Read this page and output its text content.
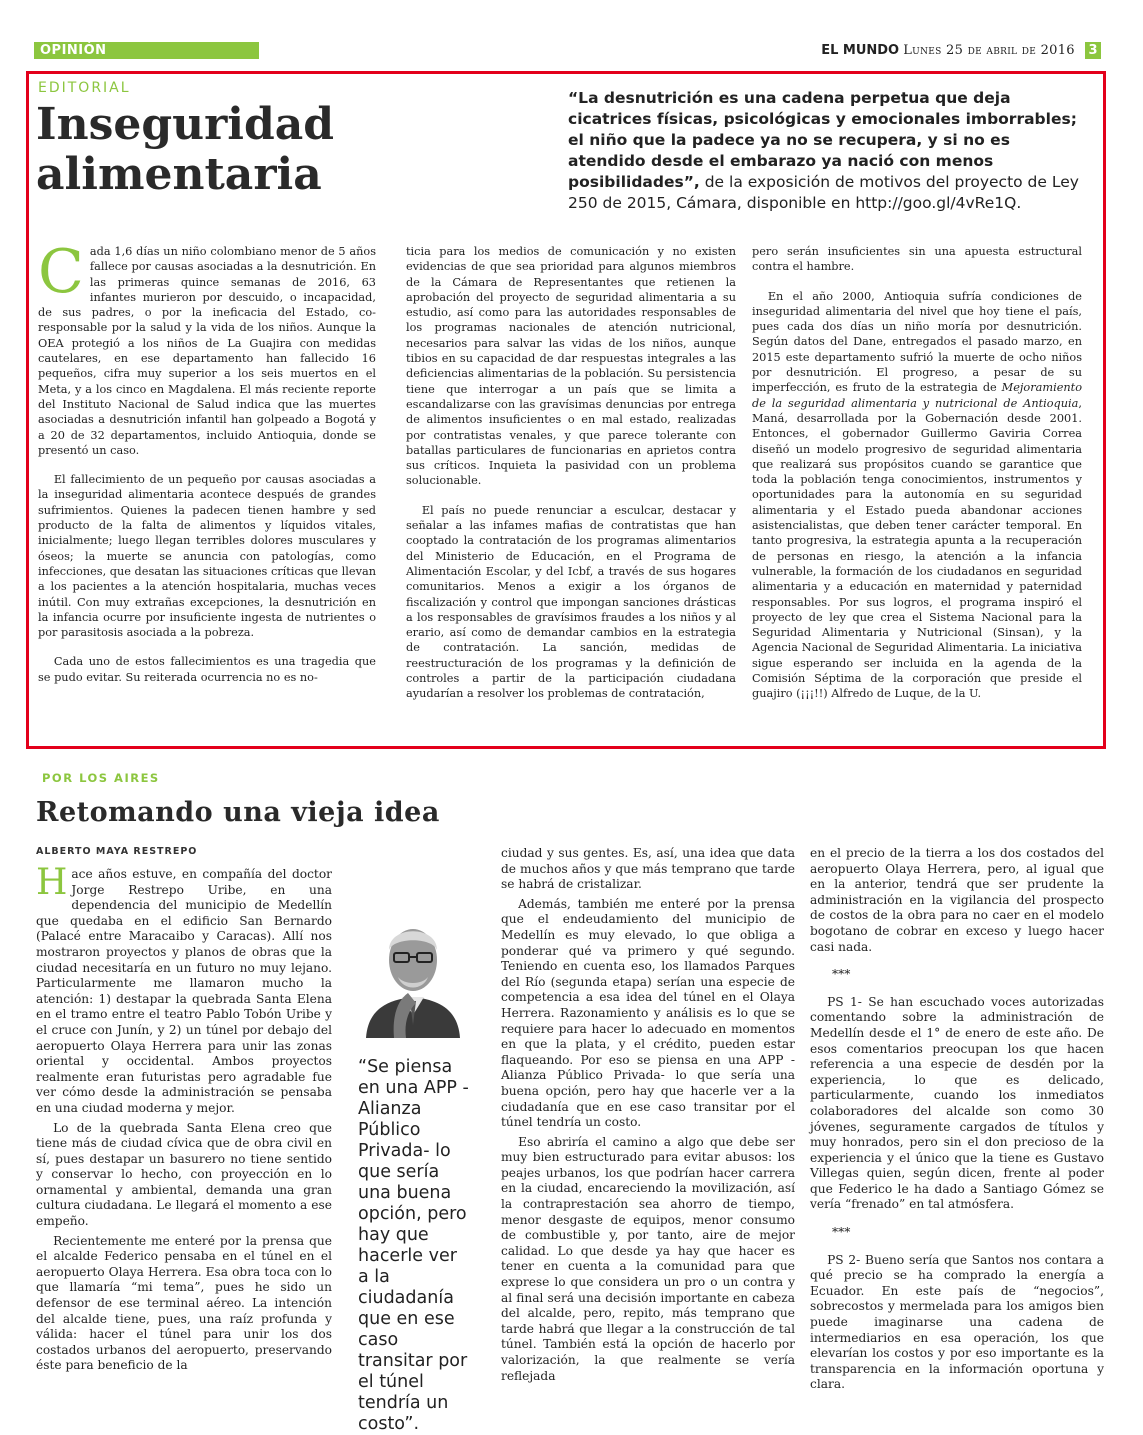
OPINIÓN	EL MUNDO Lunes 25 de abril de 2016 3
EDITORIAL
Inseguridad
alimentaria

“La desnutrición es una cadena perpetua que deja cicatrices físicas, psicológicas y emocionales imborrables; el niño que la padece ya no se recupera, y si no es atendido desde el embarazo ya nació con menos posibilidades”, de la exposición de motivos del proyecto de Ley 250 de 2015, Cámara, disponible en http://goo.gl/4vRe1Q.

Cada 1,6 días un niño colombiano menor de 5 años fallece por causas asociadas a la desnutrición. En las primeras quince semanas de 2016, 63 infantes murieron por descuido, o incapacidad, de sus padres, o por la ineficacia del Estado, co-responsable por la salud y la vida de los niños. Aunque la OEA protegió a los niños de La Guajira con medidas cautelares, en ese departamento han fallecido 16 pequeños, cifra muy superior a los seis muertos en el Meta, y a los cinco en Magdalena. El más reciente reporte del Instituto Nacional de Salud indica que las muertes asociadas a desnutrición infantil han golpeado a Bogotá y a 20 de 32 departamentos, incluido Antioquia, donde se presentó un caso.

El fallecimiento de un pequeño por causas asociadas a la inseguridad alimentaria acontece después de grandes sufrimientos. Quienes la padecen tienen hambre y sed producto de la falta de alimentos y líquidos vitales, inicialmente; luego llegan terribles dolores musculares y óseos; la muerte se anuncia con patologías, como infecciones, que desatan las situaciones críticas que llevan a los pacientes a la atención hospitalaria, muchas veces inútil. Con muy extrañas excepciones, la desnutrición en la infancia ocurre por insuficiente ingesta de nutrientes o por parasitosis asociada a la pobreza.

Cada uno de estos fallecimientos es una tragedia que se pudo evitar. Su reiterada ocurrencia no es no-

ticia para los medios de comunicación y no existen evidencias de que sea prioridad para algunos miembros de la Cámara de Representantes que retienen la aprobación del proyecto de seguridad alimentaria a su estudio, así como para las autoridades responsables de los programas nacionales de atención nutricional, necesarios para salvar las vidas de los niños, aunque tibios en su capacidad de dar respuestas integrales a las deficiencias alimentarias de la población. Su persistencia tiene que interrogar a un país que se limita a escandalizarse con las gravísimas denuncias por entrega de alimentos insuficientes o en mal estado, realizadas por contratistas venales, y que parece tolerante con batallas particulares de funcionarias en aprietos contra sus críticos. Inquieta la pasividad con un problema solucionable.

El país no puede renunciar a esculcar, destacar y señalar a las infames mafias de contratistas que han cooptado la contratación de los programas alimentarios del Ministerio de Educación, en el Programa de Alimentación Escolar, y del Icbf, a través de sus hogares comunitarios. Menos a exigir a los órganos de fiscalización y control que impongan sanciones drásticas a los responsables de gravísimos fraudes a los niños y al erario, así como de demandar cambios en la estrategia de contratación. La sanción, medidas de reestructuración de los programas y la definición de controles a partir de la participación ciudadana ayudarían a resolver los problemas de contratación,

pero serán insuficientes sin una apuesta estructural contra el hambre.

En el año 2000, Antioquia sufría condiciones de inseguridad alimentaria del nivel que hoy tiene el país, pues cada dos días un niño moría por desnutrición. Según datos del Dane, entregados el pasado marzo, en 2015 este departamento sufrió la muerte de ocho niños por desnutrición. El progreso, a pesar de su imperfección, es fruto de la estrategia de Mejoramiento de la seguridad alimentaria y nutricional de Antioquia, Maná, desarrollada por la Gobernación desde 2001. Entonces, el gobernador Guillermo Gaviria Correa diseñó un modelo progresivo de seguridad alimentaria que realizará sus propósitos cuando se garantice que toda la población tenga conocimientos, instrumentos y oportunidades para la autonomía en su seguridad alimentaria y el Estado pueda abandonar acciones asistencialistas, que deben tener carácter temporal. En tanto progresiva, la estrategia apunta a la recuperación de personas en riesgo, la atención a la infancia vulnerable, la formación de los ciudadanos en seguridad alimentaria y a educación en maternidad y paternidad responsables. Por sus logros, el programa inspiró el proyecto de ley que crea el Sistema Nacional para la Seguridad Alimentaria y Nutricional (Sinsan), y la Agencia Nacional de Seguridad Alimentaria. La iniciativa sigue esperando ser incluida en la agenda de la Comisión Séptima de la corporación que preside el guajiro (¡¡¡!!) Alfredo de Luque, de la U.

POR LOS AIRES
Retomando una vieja idea
ALBERTO MAYA RESTREPO

Hace años estuve, en compañía del doctor Jorge Restrepo Uribe, en una dependencia del municipio de Medellín que quedaba en el edificio San Bernardo (Palacé entre Maracaibo y Caracas). Allí nos mostraron proyectos y planos de obras que la ciudad necesitaría en un futuro no muy lejano. Particularmente me llamaron mucho la atención: 1) destapar la quebrada Santa Elena en el tramo entre el teatro Pablo Tobón Uribe y el cruce con Junín, y 2) un túnel por debajo del aeropuerto Olaya Herrera para unir las zonas oriental y occidental. Ambos proyectos realmente eran futuristas pero agradable fue ver cómo desde la administración se pensaba en una ciudad moderna y mejor.

Lo de la quebrada Santa Elena creo que tiene más de ciudad cívica que de obra civil en sí, pues destapar un basurero no tiene sentido y conservar lo hecho, con proyección en lo ornamental y ambiental, demanda una gran cultura ciudadana. Le llegará el momento a ese empeño.

Recientemente me enteré por la prensa que el alcalde Federico pensaba en el túnel en el aeropuerto Olaya Herrera. Esa obra toca con lo que llamaría “mi tema”, pues he sido un defensor de ese terminal aéreo. La intención del alcalde tiene, pues, una raíz profunda y válida: hacer el túnel para unir los dos costados urbanos del aeropuerto, preservando éste para beneficio de la

“Se piensa en una APP -Alianza Público Privada- lo que sería una buena opción, pero hay que hacerle ver a la ciudadanía que en ese caso transitar por el túnel tendría un costo”.

ciudad y sus gentes. Es, así, una idea que data de muchos años y que más temprano que tarde se habrá de cristalizar.

Además, también me enteré por la prensa que el endeudamiento del municipio de Medellín es muy elevado, lo que obliga a ponderar qué va primero y qué segundo. Teniendo en cuenta eso, los llamados Parques del Río (segunda etapa) serían una especie de competencia a esa idea del túnel en el Olaya Herrera. Razonamiento y análisis es lo que se requiere para hacer lo adecuado en momentos en que la plata, y el crédito, pueden estar flaqueando. Por eso se piensa en una APP -Alianza Público Privada- lo que sería una buena opción, pero hay que hacerle ver a la ciudadanía que en ese caso transitar por el túnel tendría un costo.

Eso abriría el camino a algo que debe ser muy bien estructurado para evitar abusos: los peajes urbanos, los que podrían hacer carrera en la ciudad, encareciendo la movilización, así la contraprestación sea ahorro de tiempo, menor desgaste de equipos, menor consumo de combustible y, por tanto, aire de mejor calidad. Lo que desde ya hay que hacer es tener en cuenta a la comunidad para que exprese lo que considera un pro o un contra y al final será una decisión importante en cabeza del alcalde, pero, repito, más temprano que tarde habrá que llegar a la construcción de tal túnel. También está la opción de hacerlo por valorización, la que realmente se vería reflejada

en el precio de la tierra a los dos costados del aeropuerto Olaya Herrera, pero, al igual que en la anterior, tendrá que ser prudente la administración en la vigilancia del prospecto de costos de la obra para no caer en el modelo bogotano de cobrar en exceso y luego hacer casi nada.

***

PS 1- Se han escuchado voces autorizadas comentando sobre la administración de Medellín desde el 1° de enero de este año. De esos comentarios preocupan los que hacen referencia a una especie de desdén por la experiencia, lo que es delicado, particularmente, cuando los inmediatos colaboradores del alcalde son como 30 jóvenes, seguramente cargados de títulos y muy honrados, pero sin el don precioso de la experiencia y el único que la tiene es Gustavo Villegas quien, según dicen, frente al poder que Federico le ha dado a Santiago Gómez se vería “frenado” en tal atmósfera.

***

PS 2- Bueno sería que Santos nos contara a qué precio se ha comprado la energía a Ecuador. En este país de “negocios”, sobrecostos y mermelada para los amigos bien puede imaginarse una cadena de intermediarios en esa operación, los que elevarían los costos y por eso importante es la transparencia en la información oportuna y clara.
